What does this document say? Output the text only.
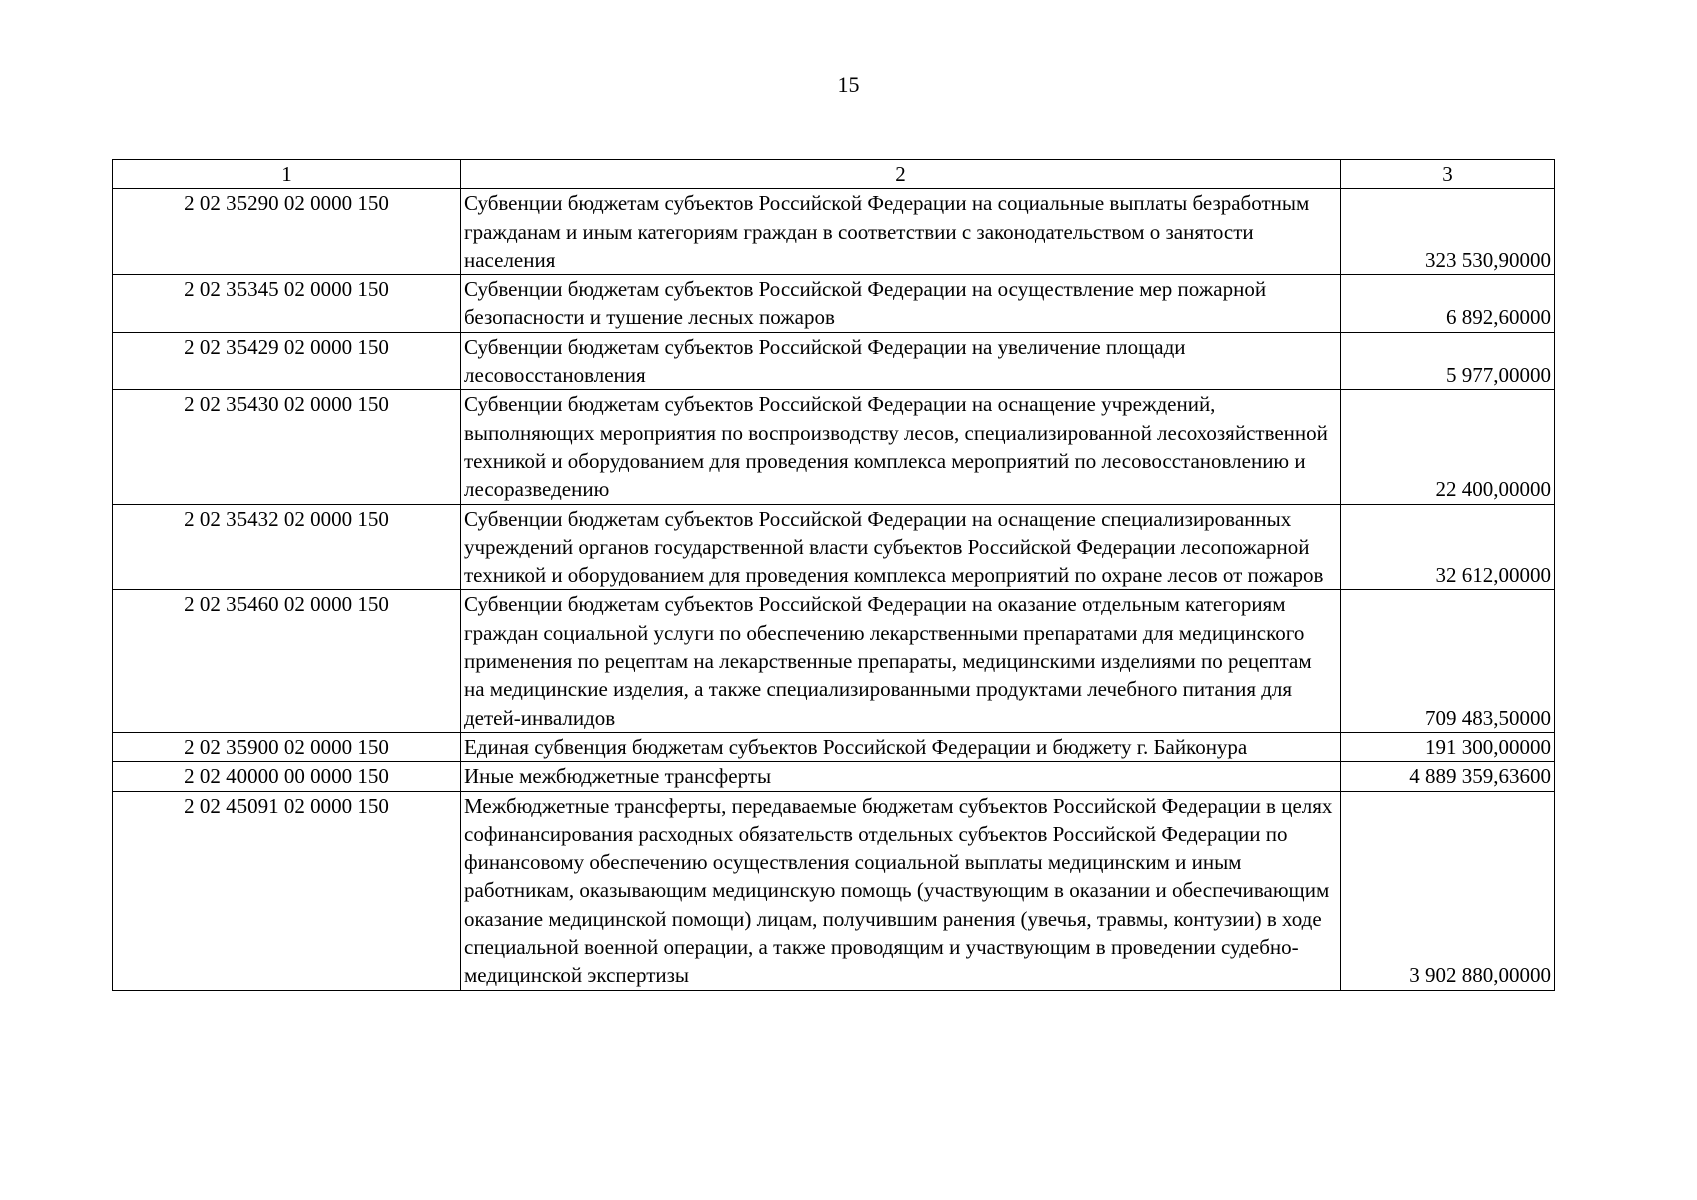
15
1	2	3
2 02 35290 02 0000 150	Субвенции бюджетам субъектов Российской Федерации на социальные выплаты безработным гражданам и иным категориям граждан в соответствии с законодательством о занятости населения	323 530,90000
2 02 35345 02 0000 150	Субвенции бюджетам субъектов Российской Федерации на осуществление мер пожарной безопасности и тушение лесных пожаров	6 892,60000
2 02 35429 02 0000 150	Субвенции бюджетам субъектов Российской Федерации на увеличение площади лесовосстановления	5 977,00000
2 02 35430 02 0000 150	Субвенции бюджетам субъектов Российской Федерации на оснащение учреждений, выполняющих мероприятия по воспроизводству лесов, специализированной лесохозяйственной техникой и оборудованием для проведения комплекса мероприятий по лесовосстановлению и лесоразведению	22 400,00000
2 02 35432 02 0000 150	Субвенции бюджетам субъектов Российской Федерации на оснащение специализированных учреждений органов государственной власти субъектов Российской Федерации лесопожарной техникой и оборудованием для проведения комплекса мероприятий по охране лесов от пожаров	32 612,00000
2 02 35460 02 0000 150	Субвенции бюджетам субъектов Российской Федерации на оказание отдельным категориям граждан социальной услуги по обеспечению лекарственными препаратами для медицинского применения по рецептам на лекарственные препараты, медицинскими изделиями по рецептам на медицинские изделия, а также специализированными продуктами лечебного питания для детей-инвалидов	709 483,50000
2 02 35900 02 0000 150	Единая субвенция бюджетам субъектов Российской Федерации и бюджету г. Байконура	191 300,00000
2 02 40000 00 0000 150	Иные межбюджетные трансферты	4 889 359,63600
2 02 45091 02 0000 150	Межбюджетные трансферты, передаваемые бюджетам субъектов Российской Федерации в целях софинансирования расходных обязательств отдельных субъектов Российской Федерации по финансовому обеспечению осуществления социальной выплаты медицинским и иным работникам, оказывающим медицинскую помощь (участвующим в оказании и обеспечивающим оказание медицинской помощи) лицам, получившим ранения (увечья, травмы, контузии) в ходе специальной военной операции, а также проводящим и участвующим в проведении судебно-медицинской экспертизы	3 902 880,00000
